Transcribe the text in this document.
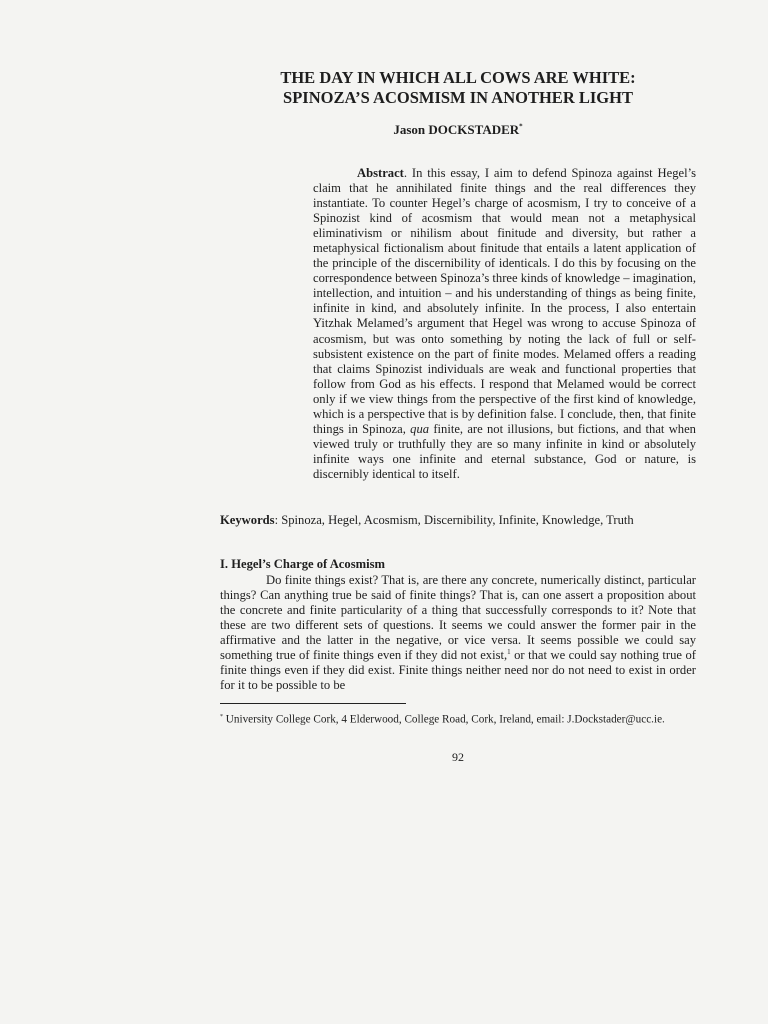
THE DAY IN WHICH ALL COWS ARE WHITE:
SPINOZA’S ACOSMISM IN ANOTHER LIGHT
Jason DOCKSTADER*

Abstract. In this essay, I aim to defend Spinoza against Hegel’s claim that he annihilated finite things and the real differences they instantiate. To counter Hegel’s charge of acosmism, I try to conceive of a Spinozist kind of acosmism that would mean not a metaphysical eliminativism or nihilism about finitude and diversity, but rather a metaphysical fictionalism about finitude that entails a latent application of the principle of the discernibility of identicals. I do this by focusing on the correspondence between Spinoza’s three kinds of knowledge – imagination, intellection, and intuition – and his understanding of things as being finite, infinite in kind, and absolutely infinite. In the process, I also entertain Yitzhak Melamed’s argument that Hegel was wrong to accuse Spinoza of acosmism, but was onto something by noting the lack of full or self-subsistent existence on the part of finite modes. Melamed offers a reading that claims Spinozist individuals are weak and functional properties that follow from God as his effects. I respond that Melamed would be correct only if we view things from the perspective of the first kind of knowledge, which is a perspective that is by definition false. I conclude, then, that finite things in Spinoza, qua finite, are not illusions, but fictions, and that when viewed truly or truthfully they are so many infinite in kind or absolutely infinite ways one infinite and eternal substance, God or nature, is discernibly identical to itself.

Keywords: Spinoza, Hegel, Acosmism, Discernibility, Infinite, Knowledge, Truth

I. Hegel’s Charge of Acosmism

Do finite things exist? That is, are there any concrete, numerically distinct, particular things? Can anything true be said of finite things? That is, can one assert a proposition about the concrete and finite particularity of a thing that successfully corresponds to it? Note that these are two different sets of questions. It seems we could answer the former pair in the affirmative and the latter in the negative, or vice versa. It seems possible we could say something true of finite things even if they did not exist,$^1$ or that we could say nothing true of finite things even if they did exist. Finite things neither need nor do not need to exist in order for it to be possible to be

* University College Cork, 4 Elderwood, College Road, Cork, Ireland, email: J.Dockstader@ucc.ie.

92
